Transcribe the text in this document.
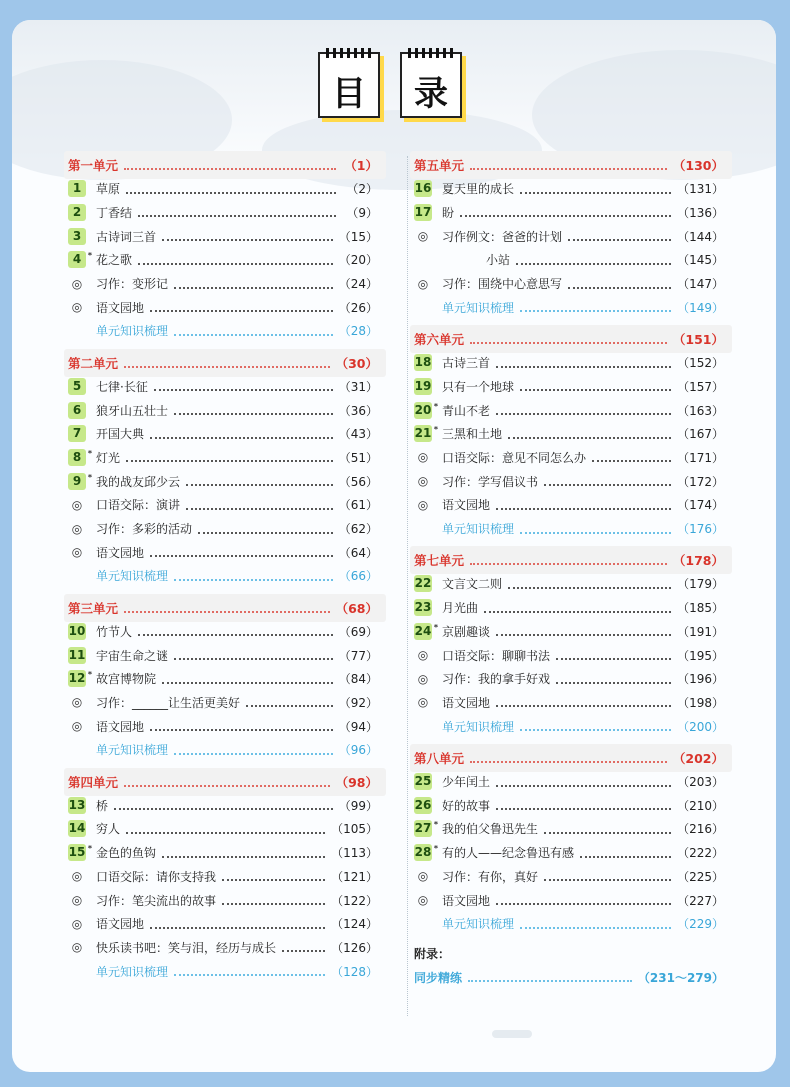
目	录
第一单元	（1）
1	草原	（2）
2	丁香结	（9）
3	古诗词三首	（15）
4 * 花之歌	（20）
◎	习作：变形记	（24）
◎	语文园地	（26）
单元知识梳理	（28）
第二单元	（30）
5	七律·长征	（31）
6	狼牙山五壮士	（36）
7	开国大典	（43）
8 * 灯光	（51）
9 * 我的战友邱少云	（56）
◎	口语交际：演讲	（61）
◎	习作：多彩的活动	（62）
◎	语文园地	（64）
单元知识梳理	（66）
第三单元	（68）
10 竹节人	（69）
11 宇宙生命之谜	（77）
12 * 故宫博物院	（84）
◎	习作：______让生活更美好	（92）
◎	语文园地	（94）
单元知识梳理	（96）
第四单元	（98）
13 桥	（99）
14 穷人	（105）
15 * 金色的鱼钩	（113）
◎	口语交际：请你支持我	（121）
◎	习作：笔尖流出的故事	（122）
◎	语文园地	（124）
◎	快乐读书吧：笑与泪，经历与成长	（126）
单元知识梳理	（128）
第五单元	（130）
16 夏天里的成长	（131）
17 盼	（136）
◎	习作例文：爸爸的计划	（144）
小站	（145）
◎	习作：围绕中心意思写	（147）
单元知识梳理	（149）
第六单元	（151）
18 古诗三首	（152）
19 只有一个地球	（157）
20 * 青山不老	（163）
21 * 三黑和土地	（167）
◎	口语交际：意见不同怎么办	（171）
◎	习作：学写倡议书	（172）
◎	语文园地	（174）
单元知识梳理	（176）
第七单元	（178）
22 文言文二则	（179）
23 月光曲	（185）
24 * 京剧趣谈	（191）
◎	口语交际：聊聊书法	（195）
◎	习作：我的拿手好戏	（196）
◎	语文园地	（198）
单元知识梳理	（200）
第八单元	（202）
25 少年闰土	（203）
26 好的故事	（210）
27 * 我的伯父鲁迅先生	（216）
28 * 有的人——纪念鲁迅有感	（222）
◎	习作：有你，真好	（225）
◎	语文园地	（227）
单元知识梳理	（229）
附录：
同步精练	（231～279）
